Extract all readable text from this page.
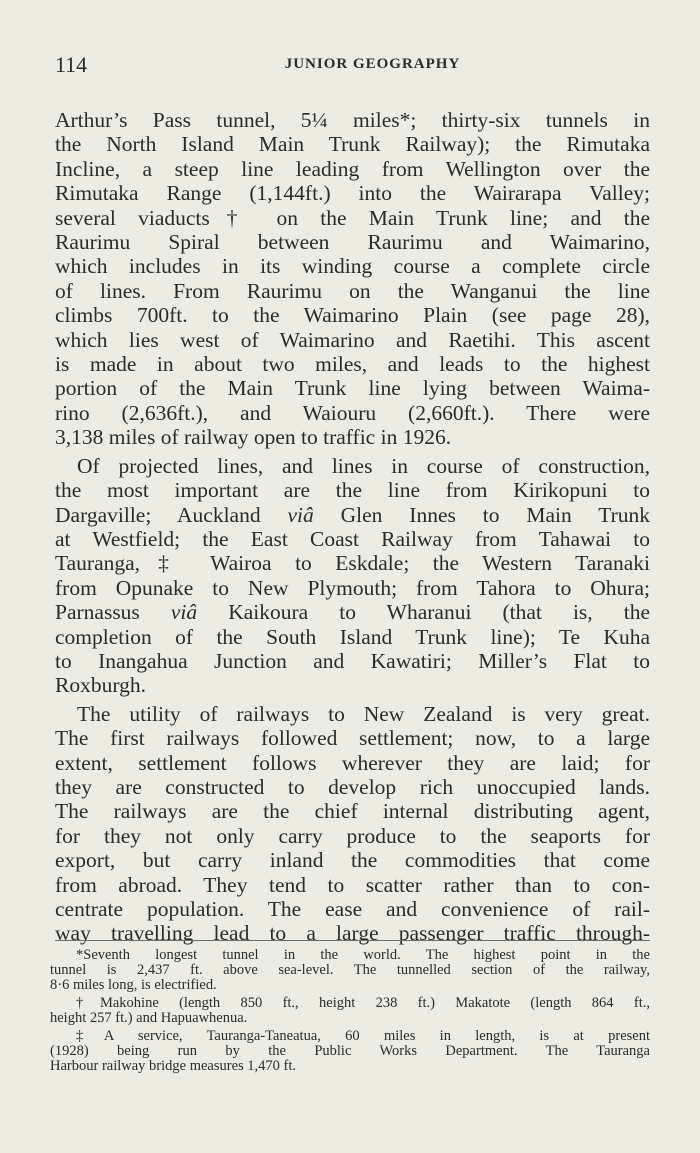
114	JUNIOR GEOGRAPHY

Arthur’s Pass tunnel, 5¼ miles*; thirty-six tunnels in
the North Island Main Trunk Railway); the Rimutaka
Incline, a steep line leading from Wellington over the
Rimutaka Range (1,144ft.) into the Wairarapa Valley;
several viaducts† on the Main Trunk line; and the
Raurimu Spiral between Raurimu and Waimarino,
which includes in its winding course a complete circle
of lines. From Raurimu on the Wanganui the line
climbs 700ft. to the Waimarino Plain (see page 28),
which lies west of Waimarino and Raetihi. This ascent
is made in about two miles, and leads to the highest
portion of the Main Trunk line lying between Waima-
rino (2,636ft.), and Waiouru (2,660ft.). There were
3,138 miles of railway open to traffic in 1926.

Of projected lines, and lines in course of construction,
the most important are the line from Kirikopuni to
Dargaville; Auckland viâ Glen Innes to Main Trunk
at Westfield; the East Coast Railway from Tahawai to
Tauranga,‡ Wairoa to Eskdale; the Western Taranaki
from Opunake to New Plymouth; from Tahora to Ohura;
Parnassus viâ Kaikoura to Wharanui (that is, the
completion of the South Island Trunk line); Te Kuha
to Inangahua Junction and Kawatiri; Miller’s Flat to
Roxburgh.

The utility of railways to New Zealand is very great.
The first railways followed settlement; now, to a large
extent, settlement follows wherever they are laid; for
they are constructed to develop rich unoccupied lands.
The railways are the chief internal distributing agent,
for they not only carry produce to the seaports for
export, but carry inland the commodities that come
from abroad. They tend to scatter rather than to con-
centrate population. The ease and convenience of rail-
way travelling lead to a large passenger traffic through-

*Seventh longest tunnel in the world. The highest point in the
tunnel is 2,437 ft. above sea-level. The tunnelled section of the railway,
8·6 miles long, is electrified.
†Makohine (length 850 ft., height 238 ft.) Makatote (length 864 ft.,
height 257 ft.) and Hapuawhenua.
‡A service, Tauranga-Taneatua, 60 miles in length, is at present
(1928) being run by the Public Works Department. The Tauranga
Harbour railway bridge measures 1,470 ft.
